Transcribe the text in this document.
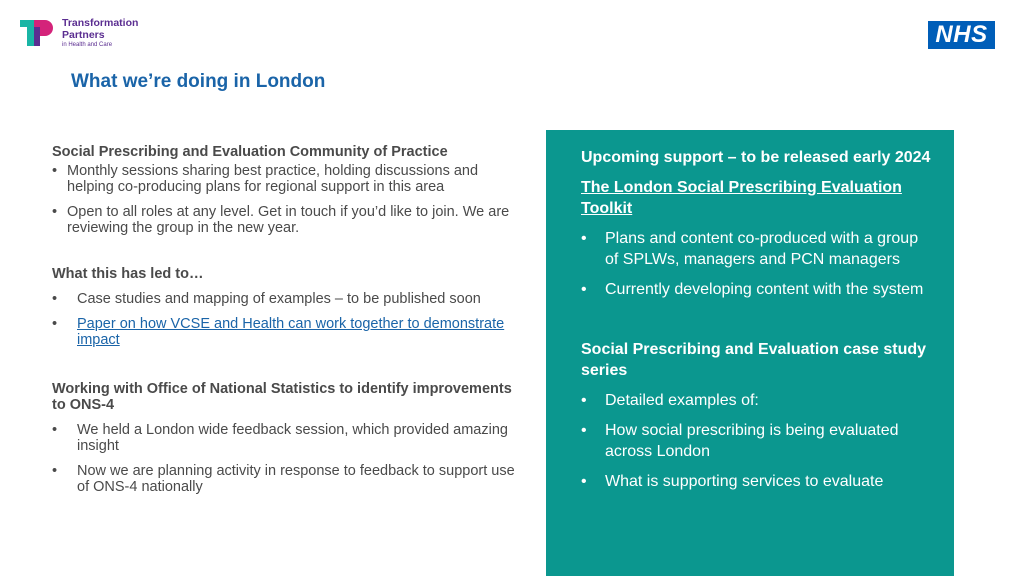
Transformation
Partners
in Health and Care	NHS
What we’re doing in London
Social Prescribing and Evaluation Community of Practice
• Monthly sessions sharing best practice, holding discussions and helping co-producing plans for regional support in this area
• Open to all roles at any level. Get in touch if you’d like to join. We are reviewing the group in the new year.
What this has led to…
•	Case studies and mapping of examples – to be published soon
•	Paper on how VCSE and Health can work together to demonstrate impact
Working with Office of National Statistics to identify improvements to ONS-4
•	We held a London wide feedback session, which provided amazing insight
•	Now we are planning activity in response to feedback to support use of ONS-4 nationally
Upcoming support – to be released early 2024
The London Social Prescribing Evaluation Toolkit
•	Plans and content co-produced with a group of SPLWs, managers and PCN managers
•	Currently developing content with the system
Social Prescribing and Evaluation case study series
•	Detailed examples of:
•	How social prescribing is being evaluated across London
•	What is supporting services to evaluate
